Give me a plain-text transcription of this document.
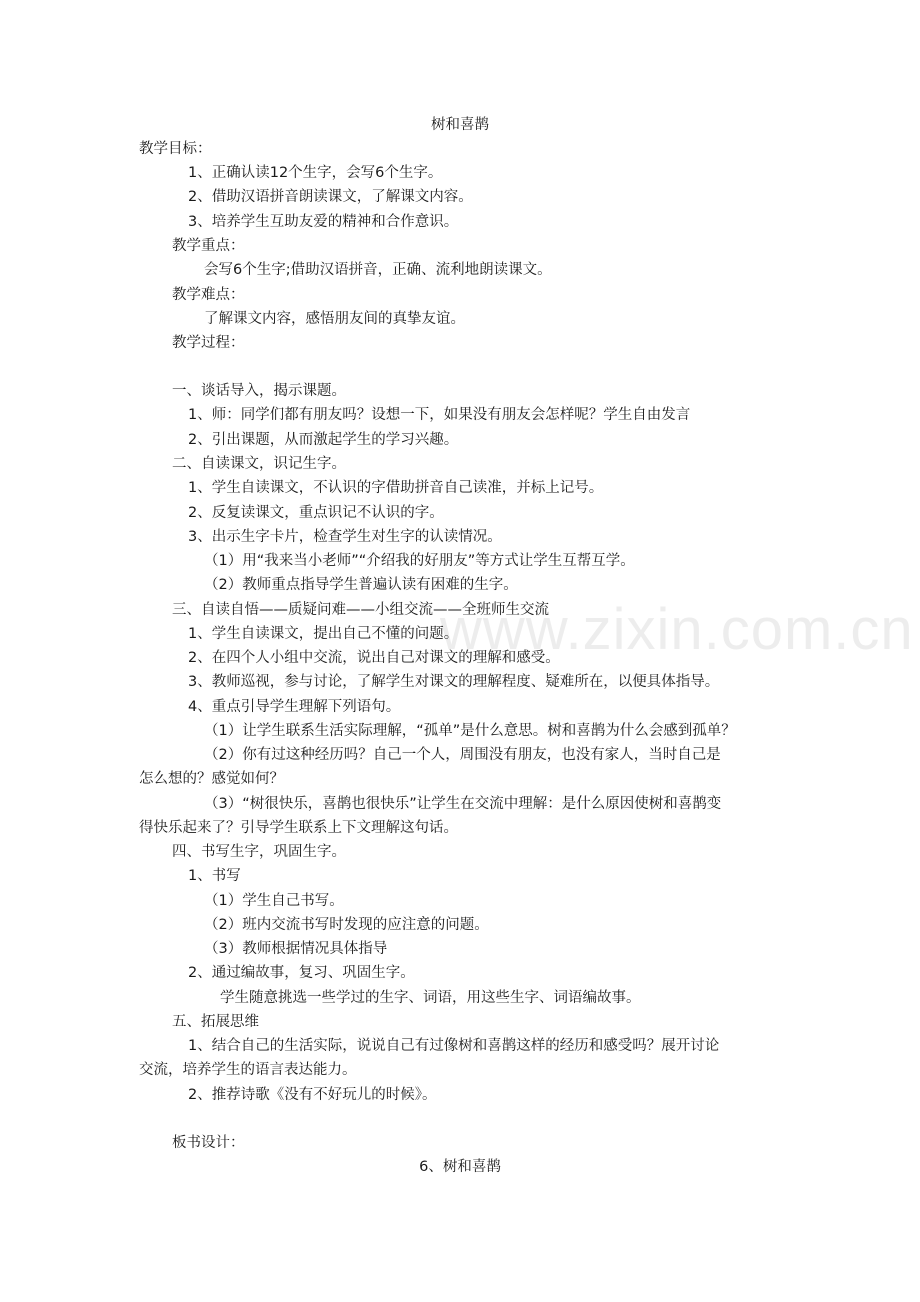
www.zixin.com.cn
树和喜鹊
教学目标：
1、正确认读12个生字，会写6个生字。
2、借助汉语拼音朗读课文，了解课文内容。
3、培养学生互助友爱的精神和合作意识。
教学重点：
会写6个生字;借助汉语拼音，正确、流利地朗读课文。
教学难点：
了解课文内容，感悟朋友间的真挚友谊。
教学过程：
一、谈话导入，揭示课题。
1、师：同学们都有朋友吗？设想一下，如果没有朋友会怎样呢？学生自由发言
2、引出课题，从而激起学生的学习兴趣。
二、自读课文，识记生字。
1、学生自读课文，不认识的字借助拼音自己读准，并标上记号。
2、反复读课文，重点识记不认识的字。
3、出示生字卡片，检查学生对生字的认读情况。
（1）用“我来当小老师”“介绍我的好朋友”等方式让学生互帮互学。
（2）教师重点指导学生普遍认读有困难的生字。
三、自读自悟——质疑问难——小组交流——全班师生交流
1、学生自读课文，提出自己不懂的问题。
2、在四个人小组中交流，说出自己对课文的理解和感受。
3、教师巡视，参与讨论，了解学生对课文的理解程度、疑难所在，以便具体指导。
4、重点引导学生理解下列语句。
（1）让学生联系生活实际理解，“孤单”是什么意思。树和喜鹊为什么会感到孤单？
（2）你有过这种经历吗？自己一个人，周围没有朋友，也没有家人，当时自己是
怎么想的？感觉如何？
（3）“树很快乐，喜鹊也很快乐”让学生在交流中理解：是什么原因使树和喜鹊变
得快乐起来了？引导学生联系上下文理解这句话。
四、书写生字，巩固生字。
1、书写
（1）学生自己书写。
（2）班内交流书写时发现的应注意的问题。
（3）教师根据情况具体指导
2、通过编故事，复习、巩固生字。
学生随意挑选一些学过的生字、词语，用这些生字、词语编故事。
五、拓展思维
1、结合自己的生活实际，说说自己有过像树和喜鹊这样的经历和感受吗？展开讨论
交流，培养学生的语言表达能力。
2、推荐诗歌《没有不好玩儿的时候》。
板书设计：
6、树和喜鹊
